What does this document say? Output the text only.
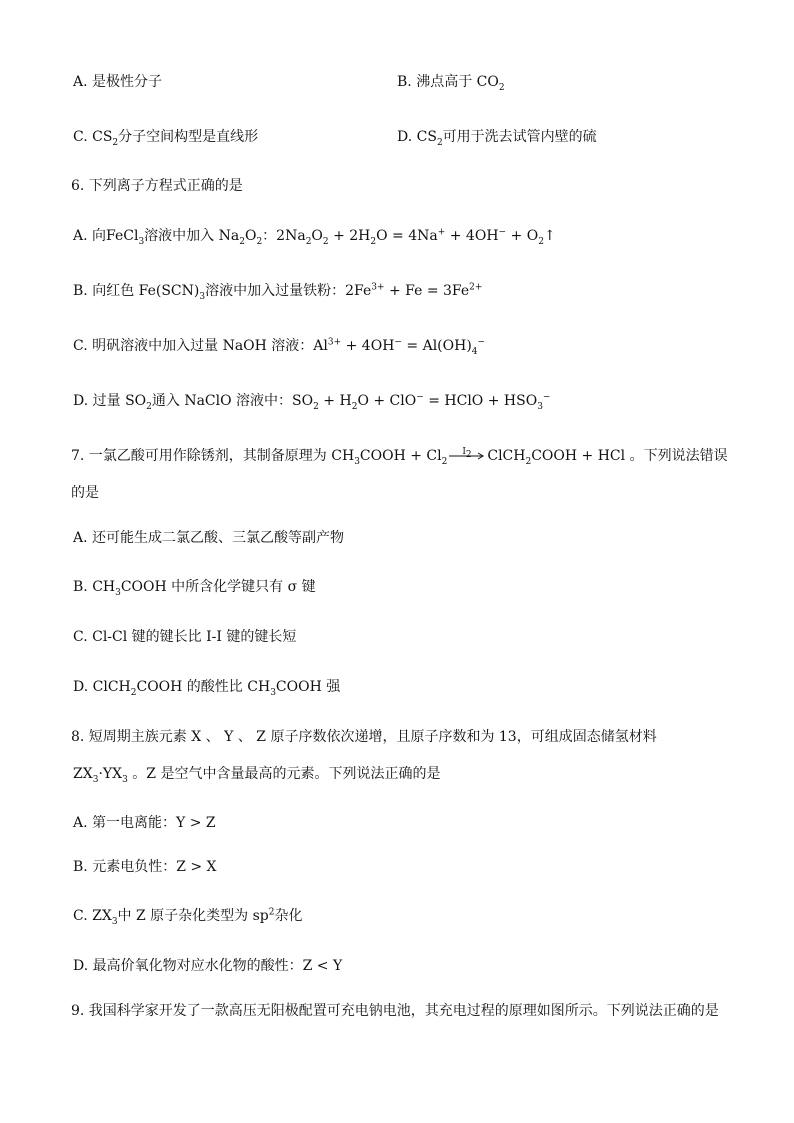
A. 是极性分子	B. 沸点高于 $CO_2$
C. $CS_2$分子空间构型是直线形	D. $CS_2$可用于洗去试管内壁的硫
6. 下列离子方程式正确的是
A. 向FeCl$_3$溶液中加入 $Na_2O_2$：$2Na_2O_2 + 2H_2O = 4Na^+ + 4OH^-$ + $O_2↑$
B. 向红色 $Fe(SCN)_3$溶液中加入过量铁粉：$2Fe^{3+} + Fe = 3Fe^{2+}$
C. 明矾溶液中加入过量 NaOH 溶液：$Al^{3+} + 4OH^- = Al(OH)_4^-$
D. 过量 $SO_2$通入 NaClO 溶液中：$SO_2 + H_2O + ClO^-$ = HClO + $HSO_3^-$
7. 一氯乙酸可用作除锈剂，其制备原理为 $CH_3COOH + Cl_2$
$I_2$ ClCH$_2$COOH + HCl 。下列说法错误
的是
A. 还可能生成二氯乙酸、三氯乙酸等副产物
B. $CH_3COOH$ 中所含化学键只有 σ 键
C. Cl-Cl 键的键长比 I-I 键的键长短
D. ClCH$_2$COOH 的酸性比 $CH_3COOH$ 强
8. 短周期主族元素 X 、 Y 、 Z 原子序数依次递增，且原子序数和为 13，可组成固态储氢材料
$ZX_3\cdot YX_3$ 。Z 是空气中含量最高的元素。下列说法正确的是
A. 第一电离能：Y > Z
B. 元素电负性：Z > X
C. $ZX_3$中 Z 原子杂化类型为 $sp^2$杂化
D. 最高价氧化物对应水化物的酸性：Z < Y
9. 我国科学家开发了一款高压无阳极配置可充电钠电池，其充电过程的原理如图所示。下列说法正确的是
